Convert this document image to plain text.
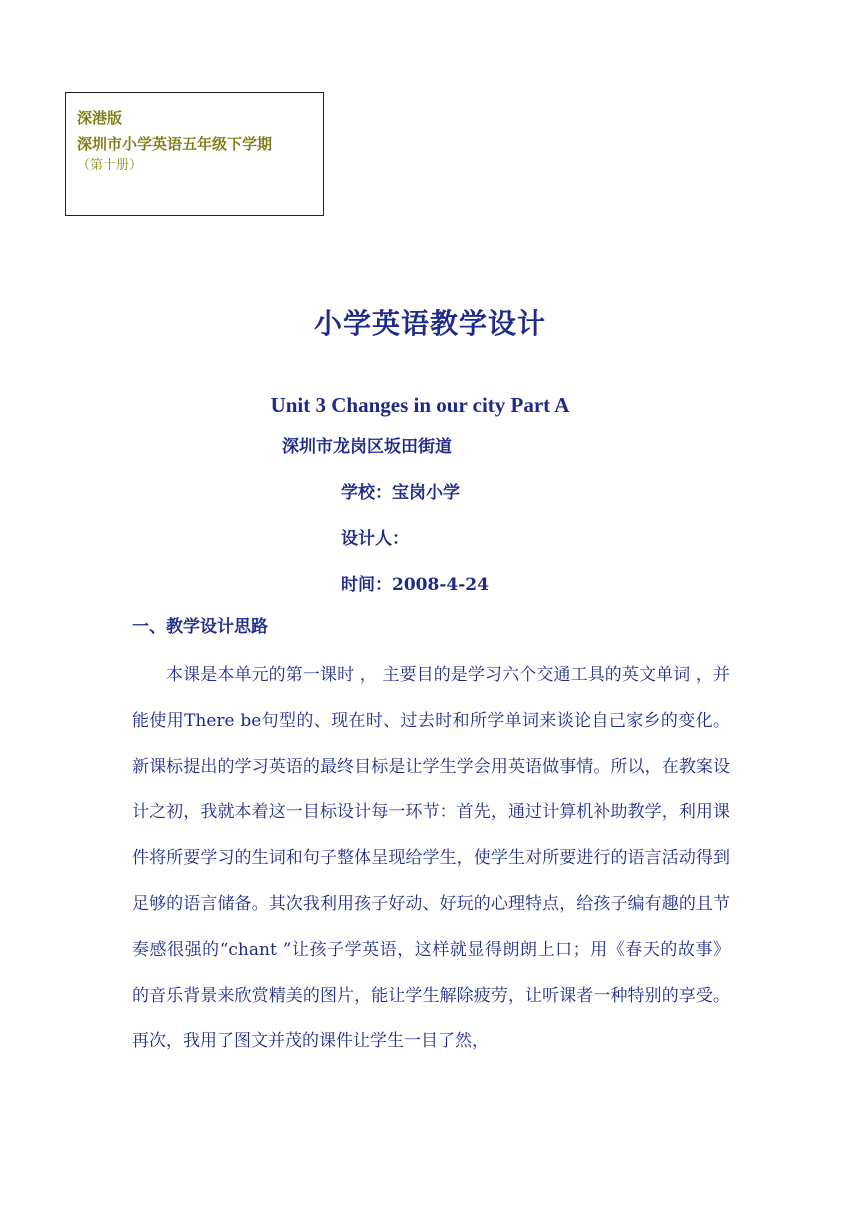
深港版
深圳市小学英语五年级下学期
（第十册）
小学英语教学设计
Unit 3 Changes in our city Part A
深圳市龙岗区坂田街道
学校：宝岗小学
设计人：
时间：2008-4-24
一、教学设计思路

本课是本单元的第一课时 ， 主要目的是学习六个交通工具的英文单词 ，并能使用There be句型的、现在时、过去时和所学单词来谈论自己家乡的变化。新课标提出的学习英语的最终目标是让学生学会用英语做事情。所以，在教案设计之初，我就本着这一目标设计每一环节：首先，通过计算机补助教学，利用课件将所要学习的生词和句子整体呈现给学生，使学生对所要进行的语言活动得到足够的语言储备。其次我利用孩子好动、好玩的心理特点，给孩子编有趣的且节奏感很强的“chant ”让孩子学英语，这样就显得朗朗上口；用《春天的故事》的音乐背景来欣赏精美的图片，能让学生解除疲劳，让听课者一种特别的享受。再次，我用了图文并茂的课件让学生一目了然，
